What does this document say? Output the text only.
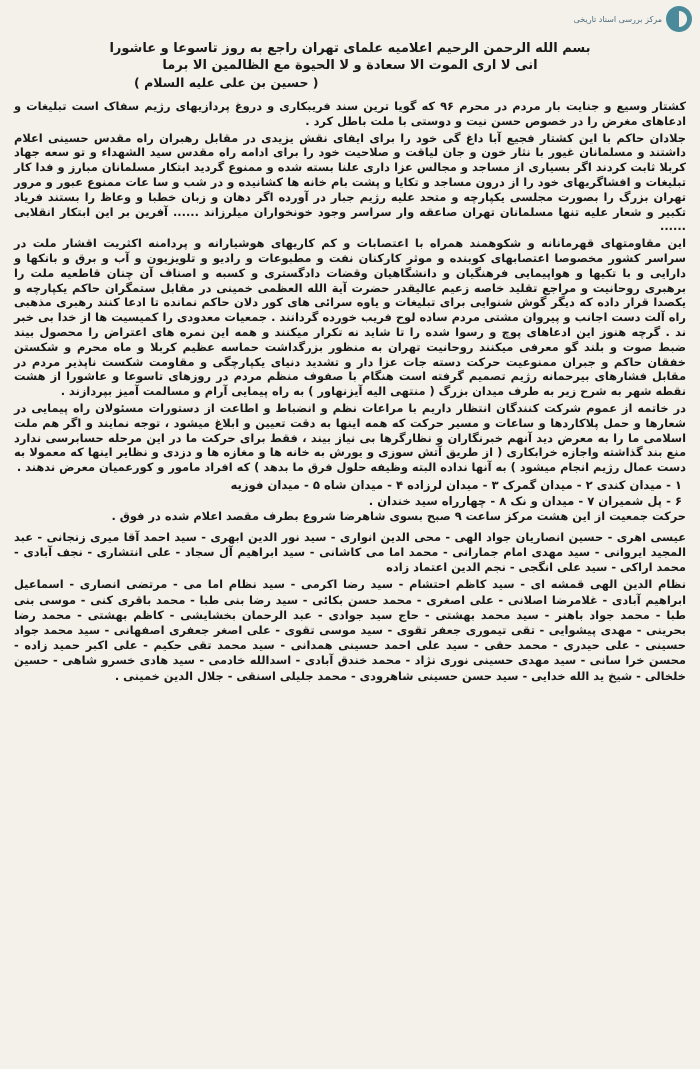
مرکز بررسی اسناد تاریخی
بسم الله الرحمن الرحیم اعلامیه علمای تهران راجع به روز تاسوعا و عاشورا
انی لا اری الموت الا سعادة و لا الحیوة مع الظالمین الا برما
( حسین بن علی علیه السلام )

کشتار وسیع و جنایت بار مردم در محرم ۹۶ که گویا ترین سند فریبکاری و دروغ پردازیهای رژیم سفاک است تبلیغات و ادعاهای مغرض را در خصوص حسن نیت و دوستی با ملت باطل کرد .

جلادان حاکم با این کشتار فجیع آبا داغ گی خود را برای ایفای نقش یزیدی در مقابل رهبران راه مقدس حسینی اعلام داشتند و مسلمانان غیور با نثار خون و جان لیاقت و صلاحیت خود را برای ادامه راه مقدس سید الشهداء و تو سعه جهاد کربلا ثابت کردند اگر بسیاری از مساجد و مجالس عزا داری علنا بسته شده و ممنوع گردید ابتکار مسلمانان مبارز و فدا کار تبلیغات و افشاگریهای خود را از درون مساجد و تکایا و پشت بام خانه ها کشانیده و در شب و سا عات ممنوع عبور و مرور تهران بزرگ را بصورت مجلسی یکپارچه و متحد علیه رژیم جبار در آورده اگر دهان و زبان خطبا و وعاظ را بستند فریاد تکبیر و شعار علیه تنها مسلمانان تهران صاعقه وار سراسر وجود خونخواران میلرزاند ...... آفرین بر این ابتکار انقلابی ......

این مقاومتهای قهرمانانه و شکوهمند همراه با اعتصابات و کم کاریهای هوشیارانه و پردامنه اکثریت اقشار ملت در سراسر کشور مخصوصا اعتصابهای کوبنده و موثر کارکنان نفت و مطبوعات و رادیو و تلویزیون و آب و برق و بانکها و دارایی و با تکیها و هواپیمایی فرهنگیان و دانشگاهیان وقضات دادگستری و کسبه و اصناف آن چنان قاطعیه ملت را برهبری روحانیت و مراجع تقلید خاصه زعیم عالیقدر حضرت آیة الله العظمی خمینی در مقابل ستمگران حاکم یکپارچه و یکصدا قرار داده که دیگر گوش شنوایی برای تبلیغات و یاوه سرائی های کور دلان حاکم نمانده تا ادعا کنند رهبری مذهبی راه آلت دست اجانب و پیروان مشتی مردم ساده لوح فریب خورده گردانند . جمعیات معدودی را کمیسیت ها از خدا بی خبر ند . گرچه هنوز این ادعاهای پوچ و رسوا شده را تا شاید نه تکرار میکنند و همه این نمره های اعتراض را محصول بیند ضبط صوت و بلند گو معرفی میکنند روحانیت تهران به منظور بزرگداشت حماسه عظیم کربلا و ماه محرم و شکستن خفقان حاکم و جبران ممنوعیت حرکت دسته جات عزا دار و تشدید دنیای یکپارچگی و مقاومت شکست ناپذیر مردم در مقابل فشارهای بیرحمانه رژیم تصمیم گرفته است هنگام با صفوف منظم مردم در روزهای تاسوعا و عاشورا از هشت نقطه شهر به شرح زیر به طرف میدان بزرگ ( منتهی الیه آیزنهاور ) به راه پیمایی آرام و مسالمت آمیز بپردازند .

در خاتمه از عموم شرکت کنندگان انتظار داریم با مراعات نظم و انضباط و اطاعت از دستورات مسئولان راه پیمایی در شعارها و حمل پلاکاردها و ساعات و مسیر حرکت که همه اینها به دقت تعیین و ابلاغ میشود ، توجه نمایند و اگر هم ملت اسلامی ما را به معرض دید آنهم خبرنگاران و نظارگرها بی نیاز بیند ، فقط برای حرکت ما در این مرحله حسابرسی ندارد منع بند گذاشته واجازه خرابکاری ( از طریق آتش سوزی و یورش به خانه ها و مغازه ها و دزدی و نظایر اینها که معمولا به دست عمال رژیم انجام میشود ) به آنها نداده البته وظیفه حلول فرق ما بدهد ) که افراد مامور و کورعمیان معرض ندهند .

۱ - میدان کندی ۲ - میدان گمرک ۳ - میدان لرزاده ۴ - میدان شاه ۵ - میدان فوزیه
۶ - پل شمیران ۷ - میدان و نک ۸ - چهارراه سید خندان .

حرکت جمعیت از این هشت مرکز ساعت ۹ صبح بسوی شاهرضا شروع بطرف مقصد اعلام شده در فوق .

عیسی اهری - حسین انصاریان جواد الهی - محی الدین انواری - سید نور الدین ابهری - سید احمد آقا میری زنجانی - عبد المجید ایروانی - سید مهدی امام جمارانی - محمد اما می کاشانی - سید ابراهیم آل سجاد - علی انتشاری - نجف آبادی - محمد اراکی - سید علی انگجی - نجم الدین اعتماد زاده

نظام الدین الهی قمشه ای - سید کاظم احتشام - سید رضا اکرمی - سید نظام اما می - مرتضی انصاری - اسماعیل ابراهیم آبادی - غلامرضا اصلانی - علی اصغری - محمد حسن بکائی - سید رضا بنی طبا - محمد باقری کنی - موسی بنی طبا - محمد جواد باهنر - سید محمد بهشتی - حاج سید جوادی - عبد الرحمان بخشایشی - کاظم بهشتی - محمد رضا بحرینی - مهدی پیشوایی - تقی تیموری جعفر تقوی - سید موسی تقوی - علی اصغر جعفری اصفهانی - سید محمد جواد حسینی - علی حیدری - محمد حقی - سید علی احمد حسینی همدانی - سید محمد تقی حکیم - علی اکبر حمید زاده - محسن خرا سانی - سید مهدی حسینی نوری نژاد - محمد خندق آبادی - اسدالله خادمی - سید هادی خسرو شاهی - حسین خلخالی - شیخ ید الله خدایی - سید حسن حسینی شاهرودی - محمد جلیلی اسنقی - جلال الدین خمینی .
